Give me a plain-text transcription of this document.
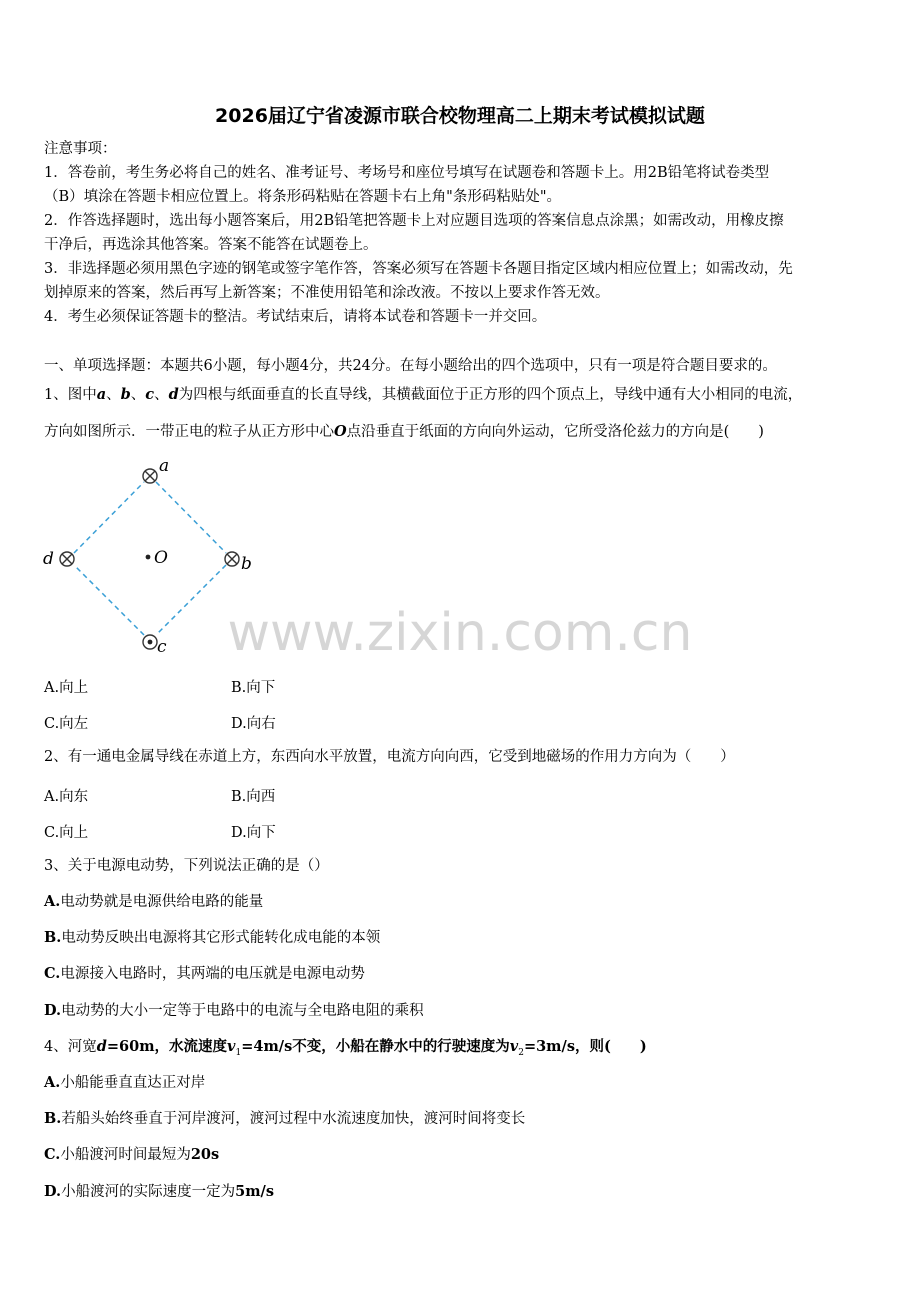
2026届辽宁省凌源市联合校物理高二上期末考试模拟试题
注意事项：
1．答卷前，考生务必将自己的姓名、准考证号、考场号和座位号填写在试题卷和答题卡上。用2B铅笔将试卷类型
（B）填涂在答题卡相应位置上。将条形码粘贴在答题卡右上角"条形码粘贴处"。
2．作答选择题时，选出每小题答案后，用2B铅笔把答题卡上对应题目选项的答案信息点涂黑；如需改动，用橡皮擦
干净后，再选涂其他答案。答案不能答在试题卷上。
3．非选择题必须用黑色字迹的钢笔或签字笔作答，答案必须写在答题卡各题目指定区域内相应位置上；如需改动，先
划掉原来的答案，然后再写上新答案；不准使用铅笔和涂改液。不按以上要求作答无效。
4．考生必须保证答题卡的整洁。考试结束后，请将本试卷和答题卡一并交回。
一、单项选择题：本题共6小题，每小题4分，共24分。在每小题给出的四个选项中，只有一项是符合题目要求的。
1、图中a、b、c、d为四根与纸面垂直的长直导线，其横截面位于正方形的四个顶点上，导线中通有大小相同的电流，
方向如图所示．一带正电的粒子从正方形中心O点沿垂直于纸面的方向向外运动，它所受洛伦兹力的方向是(　　)
a
b
c
d	O
www.zixin.com.cn
A.向上	B.向下
C.向左	D.向右
2、有一通电金属导线在赤道上方，东西向水平放置，电流方向向西，它受到地磁场的作用力方向为（　　）
A.向东	B.向西
C.向上	D.向下
3、关于电源电动势，下列说法正确的是（）
A.电动势就是电源供给电路的能量
B.电动势反映出电源将其它形式能转化成电能的本领
C.电源接入电路时，其两端的电压就是电源电动势
D.电动势的大小一定等于电路中的电流与全电路电阻的乘积
4、河宽d=60m，水流速度$v_1=4m/s$不变，小船在静水中的行驶速度为$v_2=3m/s$，则(　　)
A.小船能垂直直达正对岸
B.若船头始终垂直于河岸渡河，渡河过程中水流速度加快，渡河时间将变长
C.小船渡河时间最短为20s
D.小船渡河的实际速度一定为5m/s
